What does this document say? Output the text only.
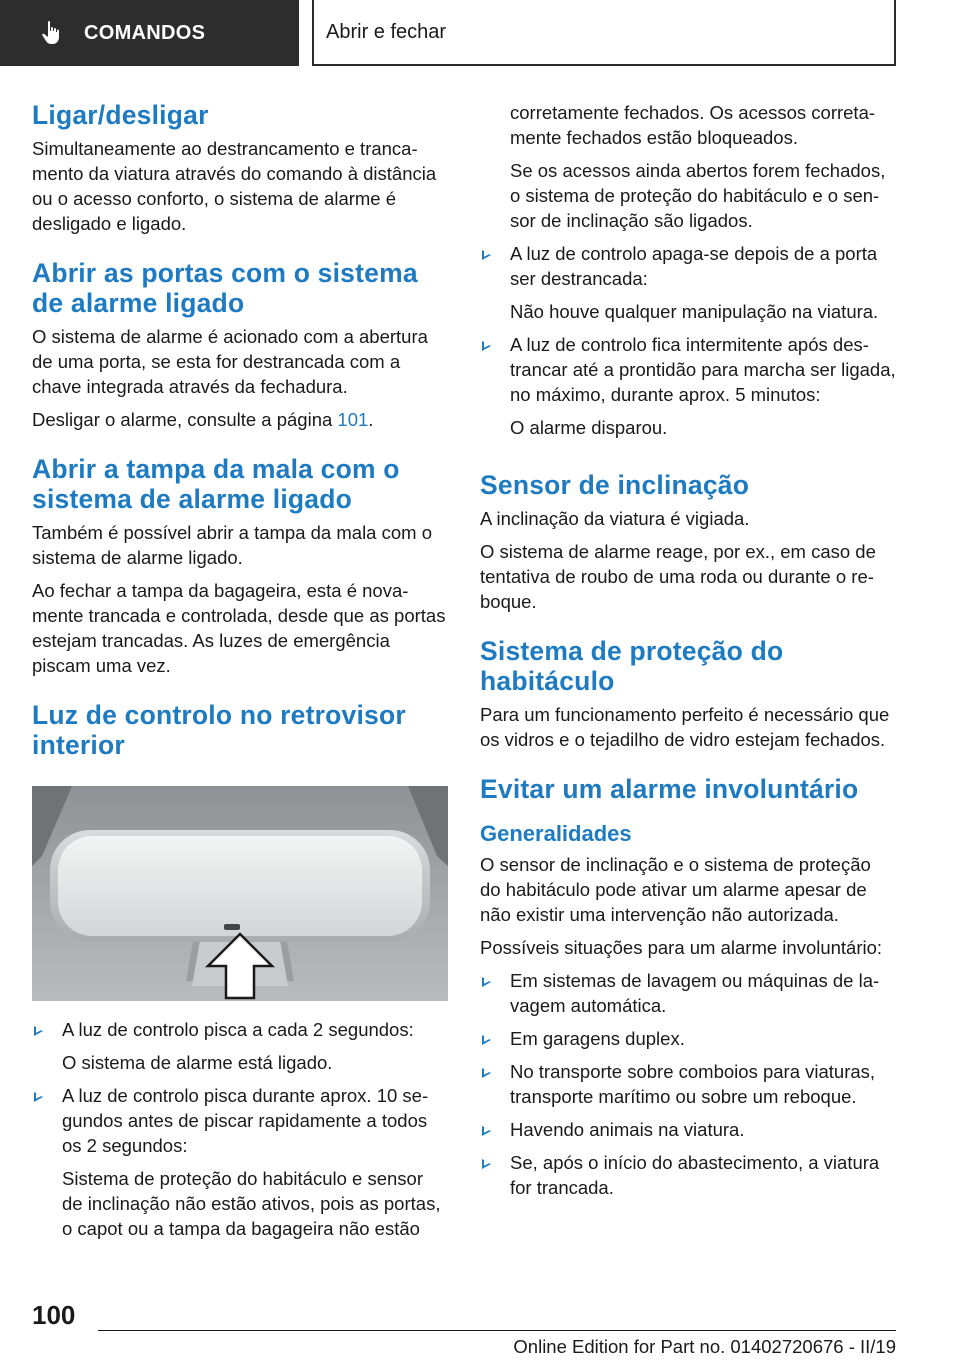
COMANDOS	Abrir e fechar
Ligar/desligar

Simultaneamente ao destrancamento e trancamento da viatura através do comando à distância ou o acesso conforto, o sistema de alarme é desligado e ligado.

Abrir as portas com o sistema de alarme ligado

O sistema de alarme é acionado com a abertura de uma porta, se esta for destrancada com a chave integrada através da fechadura.

Desligar o alarme, consulte a página 101.

Abrir a tampa da mala com o sistema de alarme ligado

Também é possível abrir a tampa da mala com o sistema de alarme ligado.

Ao fechar a tampa da bagageira, esta é novamente trancada e controlada, desde que as portas estejam trancadas. As luzes de emergência piscam uma vez.

Luz de controlo no retrovisor interior
A luz de controlo pisca a cada 2 segundos:
O sistema de alarme está ligado.
A luz de controlo pisca durante aprox. 10 segundos antes de piscar rapidamente a todos os 2 segundos:
Sistema de proteção do habitáculo e sensor de inclinação não estão ativos, pois as portas, o capot ou a tampa da bagageira não estão
corretamente fechados. Os acessos corretamente fechados estão bloqueados.
Se os acessos ainda abertos forem fechados, o sistema de proteção do habitáculo e o sensor de inclinação são ligados.
A luz de controlo apaga-se depois de a porta ser destrancada:
Não houve qualquer manipulação na viatura.
A luz de controlo fica intermitente após destrancar até a prontidão para marcha ser ligada, no máximo, durante aprox. 5 minutos:
O alarme disparou.
Sensor de inclinação

A inclinação da viatura é vigiada.

O sistema de alarme reage, por ex., em caso de tentativa de roubo de uma roda ou durante o reboque.

Sistema de proteção do habitáculo

Para um funcionamento perfeito é necessário que os vidros e o tejadilho de vidro estejam fechados.

Evitar um alarme involuntário
Generalidades

O sensor de inclinação e o sistema de proteção do habitáculo pode ativar um alarme apesar de não existir uma intervenção não autorizada.

Possíveis situações para um alarme involuntário:

Em sistemas de lavagem ou máquinas de lavagem automática.
Em garagens duplex.
No transporte sobre comboios para viaturas, transporte marítimo ou sobre um reboque.
Havendo animais na viatura.
Se, após o início do abastecimento, a viatura for trancada.
100
Online Edition for Part no. 01402720676 - II/19
